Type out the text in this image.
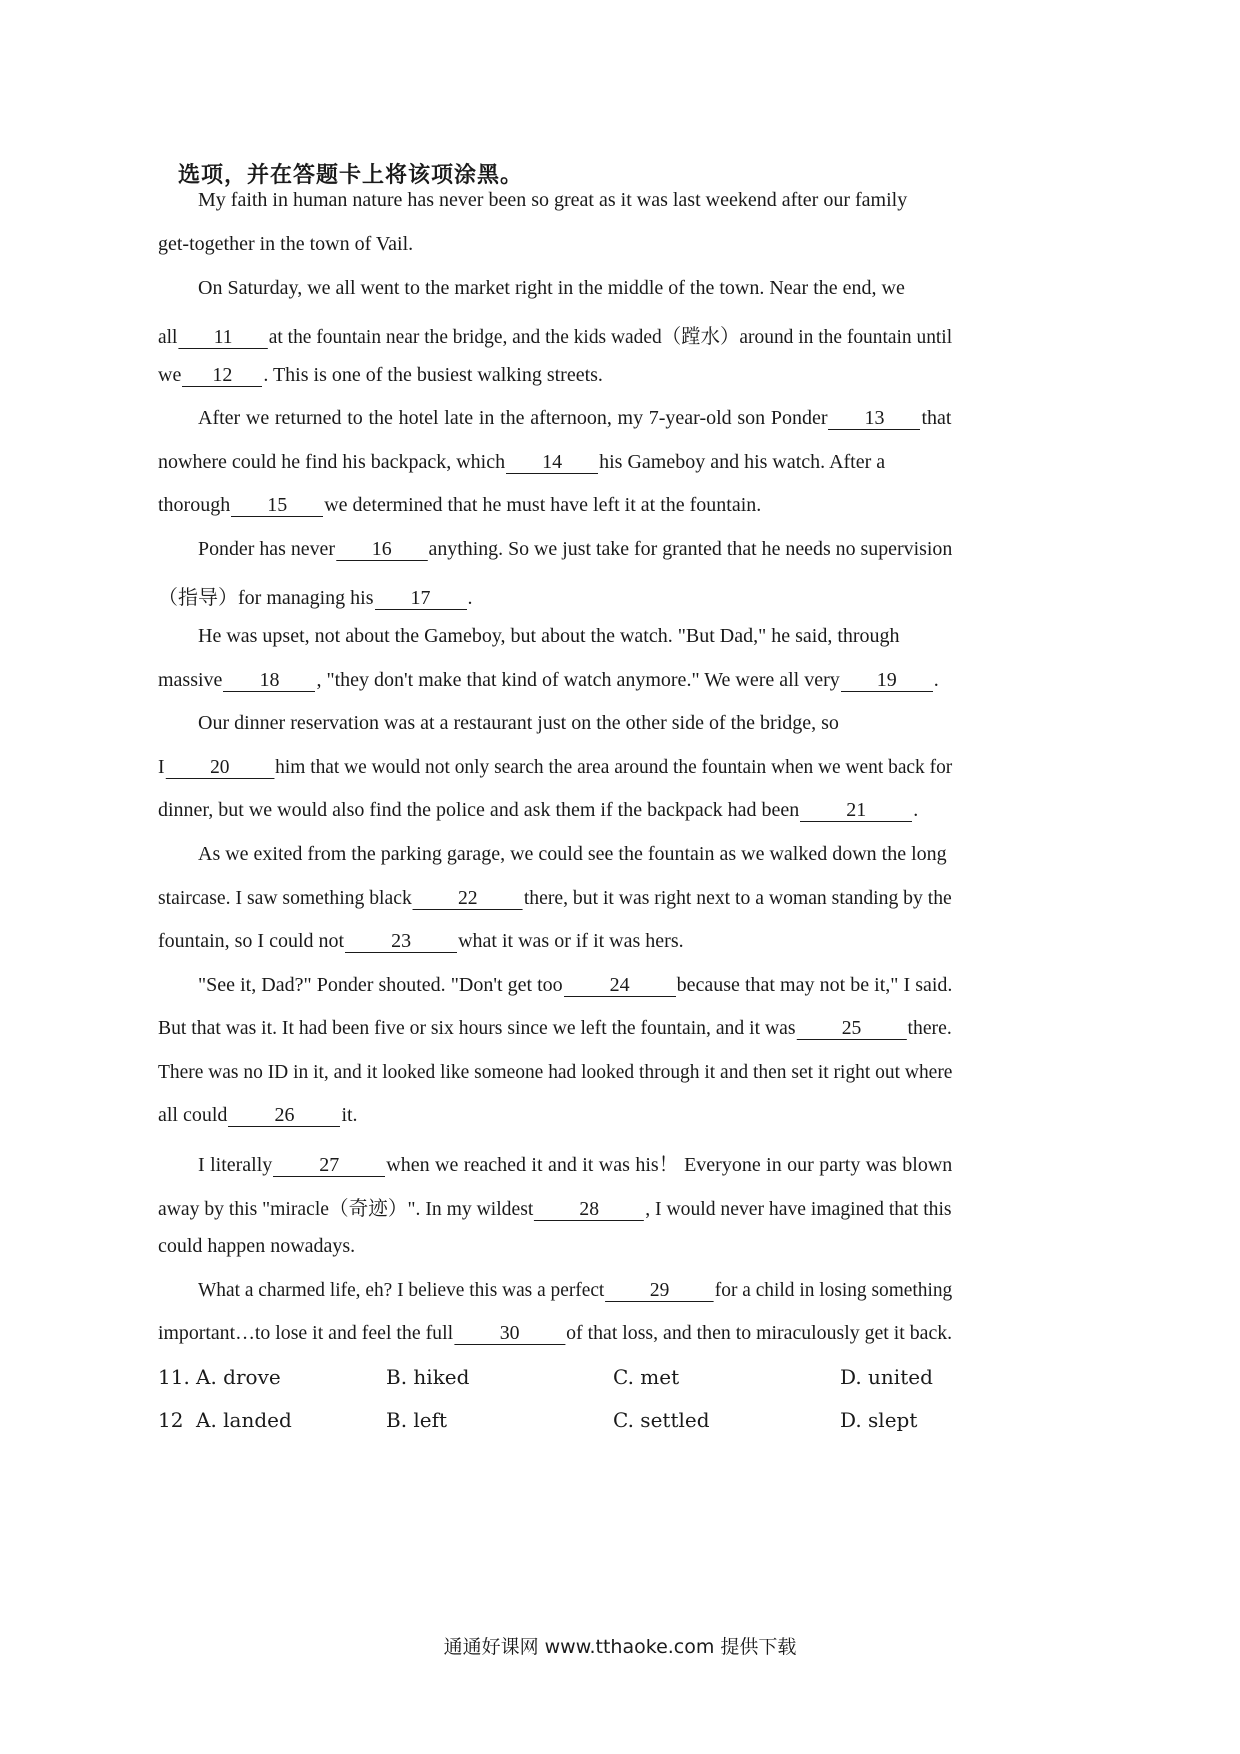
选项，并在答题卡上将该项涂黑。
My faith in human nature has never been so great as it was last weekend after our family
get-together in the town of Vail.
On Saturday, we all went to the market right in the middle of the town. Near the end, we
all 11 at the fountain near the bridge, and the kids waded（蹚水）around in the fountain until
we 12 . This is one of the busiest walking streets.
After we returned to the hotel late in the afternoon, my 7-year-old son Ponder 13 that
nowhere could he find his backpack, which 14 his Gameboy and his watch. After a
thorough 15 we determined that he must have left it at the fountain.
Ponder has never 16 anything. So we just take for granted that he needs no supervision
（指导）for managing his 17 .
He was upset, not about the Gameboy, but about the watch. "But Dad," he said, through
massive 18 , "they don't make that kind of watch anymore." We were all very 19 .
Our dinner reservation was at a restaurant just on the other side of the bridge, so
I 20 him that we would not only search the area around the fountain when we went back for
dinner, but we would also find the police and ask them if the backpack had been 21 .
As we exited from the parking garage, we could see the fountain as we walked down the long
staircase. I saw something black 22 there, but it was right next to a woman standing by the
fountain, so I could not 23 what it was or if it was hers.
"See it, Dad?" Ponder shouted. "Don't get too 24 because that may not be it," I said.
But that was it. It had been five or six hours since we left the fountain, and it was 25 there.
There was no ID in it, and it looked like someone had looked through it and then set it right out where
all could 26 it.
I literally 27 when we reached it and it was his！ Everyone in our party was blown
away by this "miracle（奇迹）". In my wildest 28 , I would never have imagined that this
could happen nowadays.
What a charmed life, eh? I believe this was a perfect 29 for a child in losing something
important…to lose it and feel the full 30 of that loss, and then to miraculously get it back.
11. A. drove	B. hiked	C. met	D. united
12 A. landed	B. left	C. settled	D. slept
通通好课网 www.tthaoke.com 提供下载
